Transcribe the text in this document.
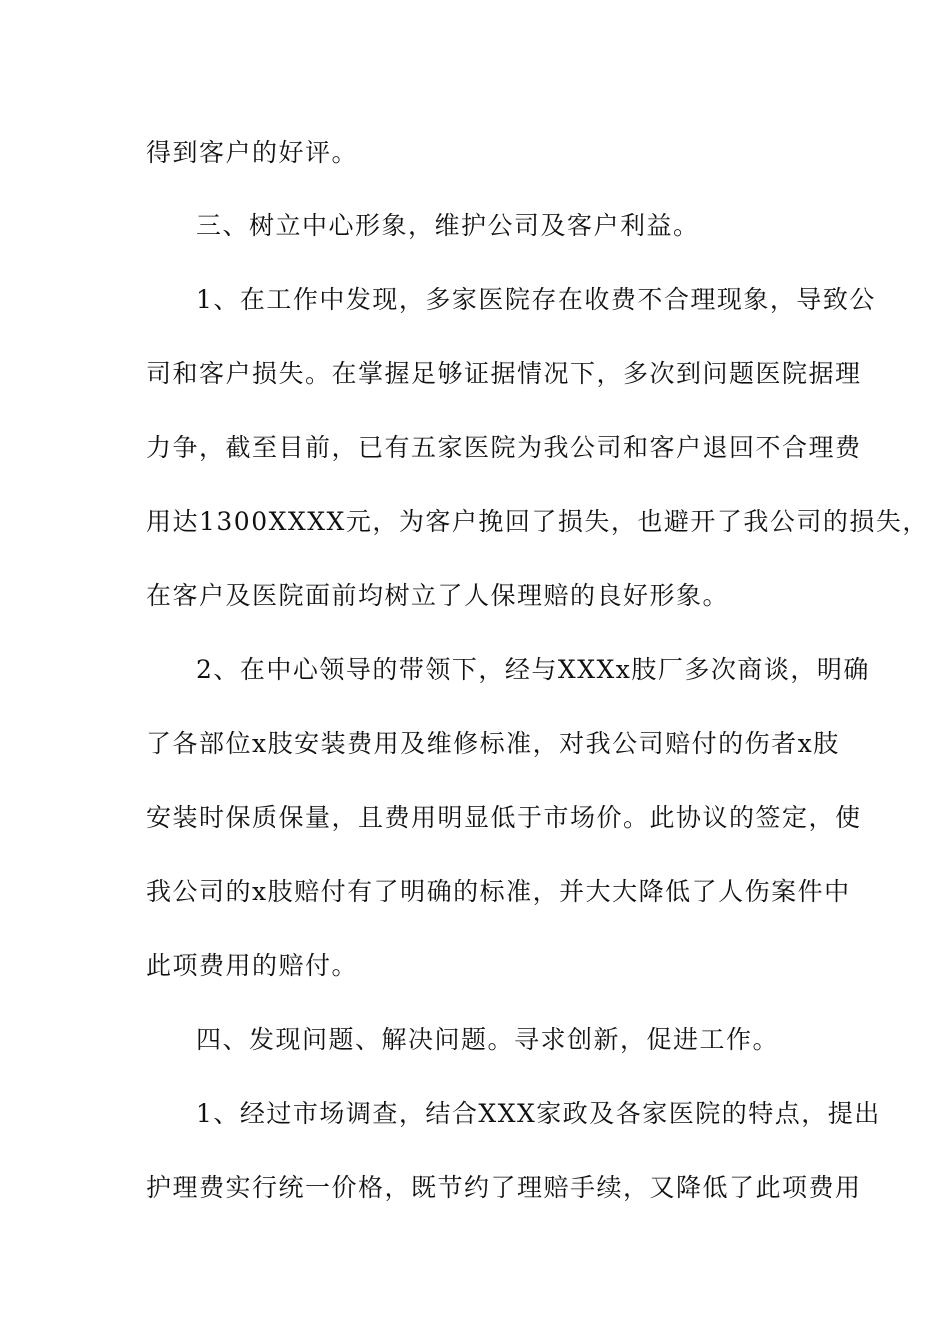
得到客户的好评。
三、树立中心形象，维护公司及客户利益。
1、在工作中发现，多家医院存在收费不合理现象，导致公
司和客户损失。在掌握足够证据情况下，多次到问题医院据理
力争，截至目前，已有五家医院为我公司和客户退回不合理费
用达1300XXXX元，为客户挽回了损失，也避开了我公司的损失，
在客户及医院面前均树立了人保理赔的良好形象。
2、在中心领导的带领下，经与XXXx肢厂多次商谈，明确
了各部位x肢安装费用及维修标准，对我公司赔付的伤者x肢
安装时保质保量，且费用明显低于市场价。此协议的签定，使
我公司的x肢赔付有了明确的标准，并大大降低了人伤案件中
此项费用的赔付。
四、发现问题、解决问题。寻求创新，促进工作。
1、经过市场调查，结合XXX家政及各家医院的特点，提出
护理费实行统一价格，既节约了理赔手续，又降低了此项费用
